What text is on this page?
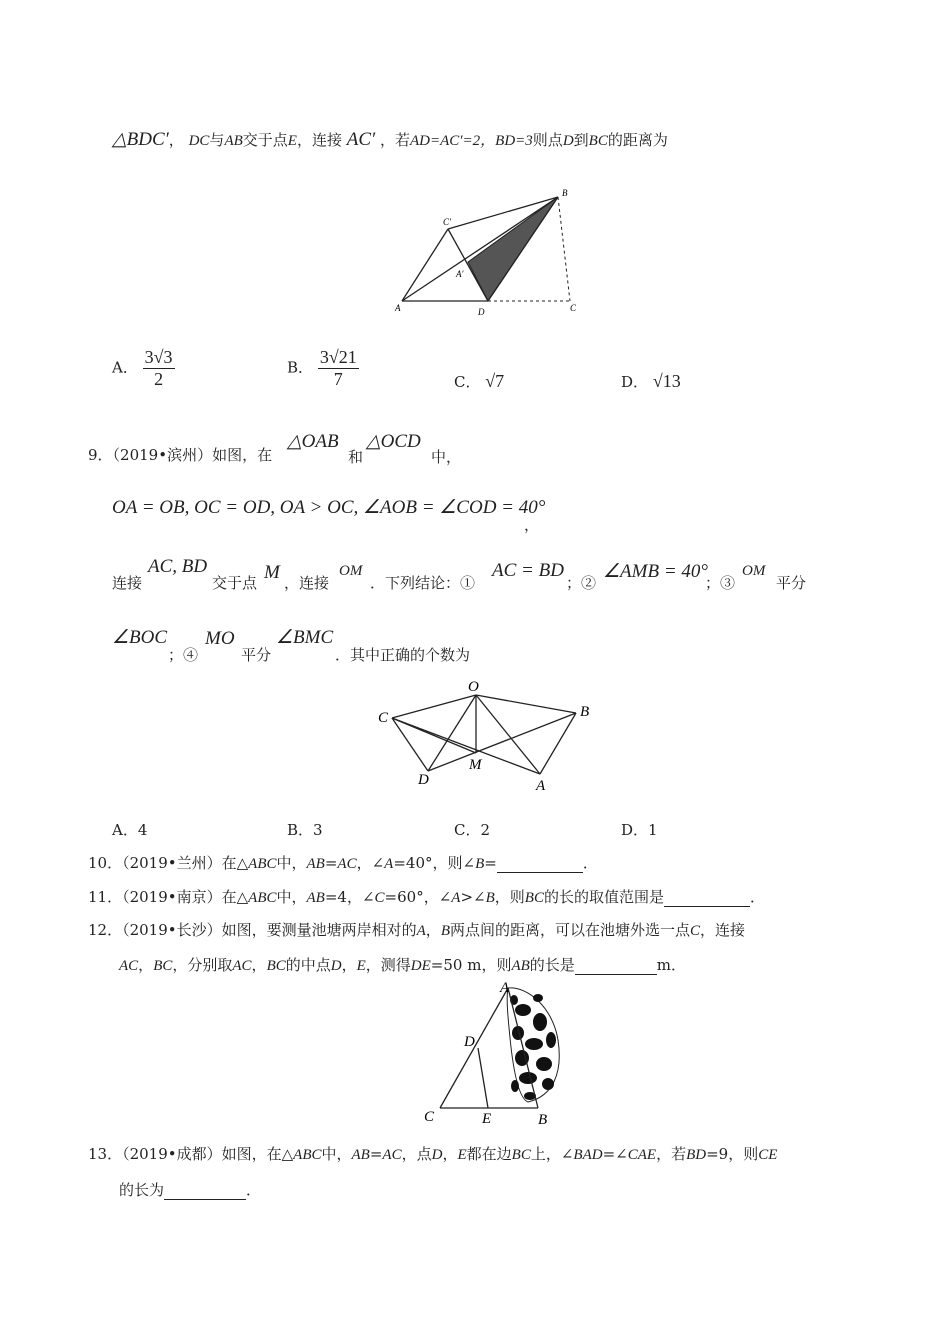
△BDC′， DC与AB交于点E，连接 AC′ ，若AD=AC′=2，BD=3则点D到BC的距离为
B
C′
A′
A	D	C
A． $\frac{3√3}{2}$	B． $\frac{3√21}{7}$	C． √7	D． √13
9．（2019•滨州）如图，在
△OAB
和
△OCD
中，
OA = OB, OC = OD, OA > OC, ∠AOB = ∠COD = 40°
，
连接
AC, BD
交于点 M ，连接
OM
．下列结论：①
AC = BD
；②
∠AMB = 40°
；③
OM
平分
∠BOC
；④
MO
平分
∠BMC
．其中正确的个数为
O
C	B
D
M
A
A．4	B．3	C．2	D．1
10．（2019•兰州）在△ABC中，AB=AC，∠A=40°，则∠B=	．
11．（2019•南京）在△ABC中，AB=4，∠C=60°，∠A>∠B，则BC的长的取值范围是	．
12．（2019•长沙）如图，要测量池塘两岸相对的A，B两点间的距离，可以在池塘外选一点C，连接
AC，BC，分别取AC，BC的中点D，E，测得DE=50 m，则AB的长是	m．
A
D
C	E	B
13．（2019•成都）如图，在△ABC中，AB=AC，点D，E都在边BC上，∠BAD=∠CAE，若BD=9，则CE
的长为	．
